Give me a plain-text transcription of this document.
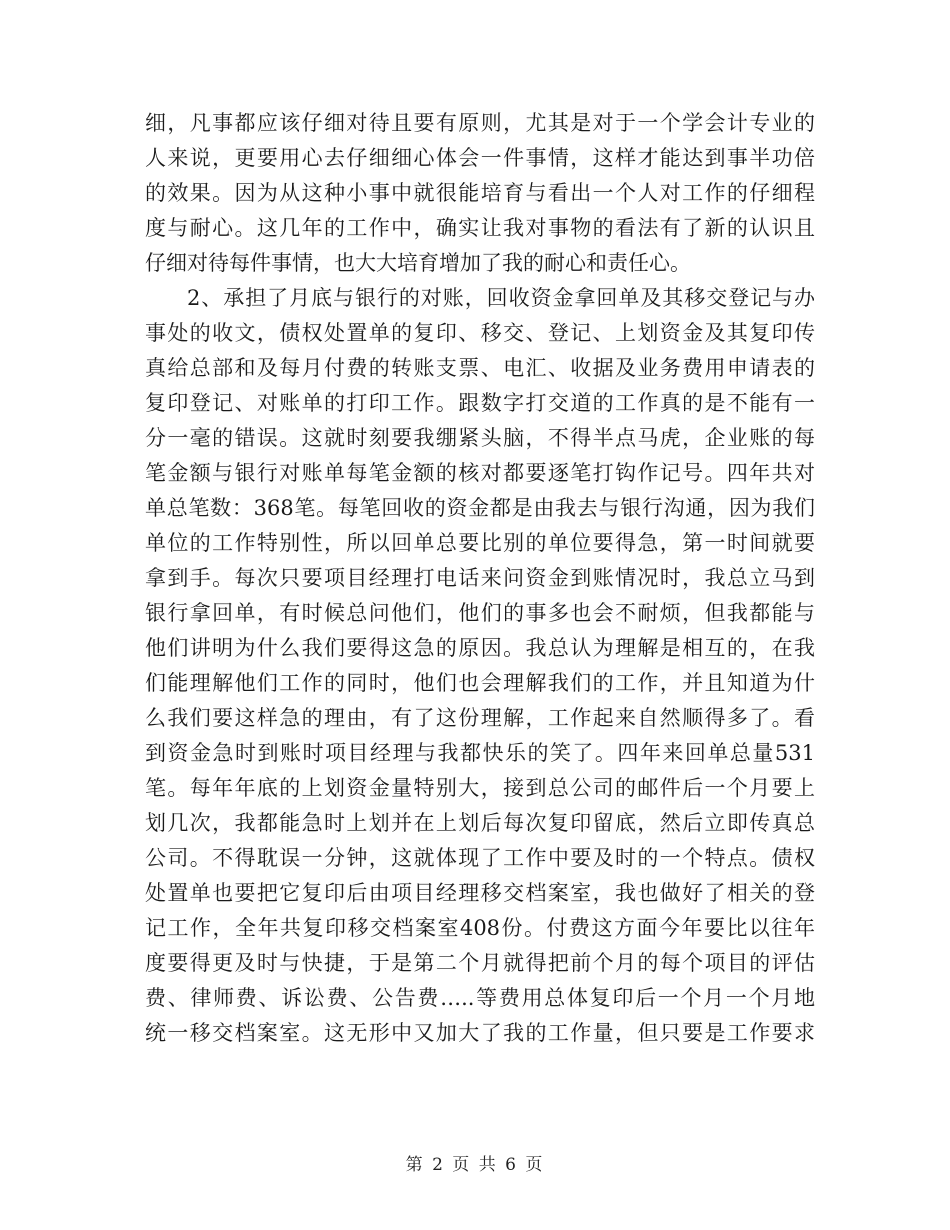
细，凡事都应该仔细对待且要有原则，尤其是对于一个学会计专业的
人来说，更要用心去仔细细心体会一件事情，这样才能达到事半功倍
的效果。因为从这种小事中就很能培育与看出一个人对工作的仔细程
度与耐心。这几年的工作中，确实让我对事物的看法有了新的认识且
仔细对待每件事情，也大大培育增加了我的耐心和责任心。
2、承担了月底与银行的对账，回收资金拿回单及其移交登记与办
事处的收文，债权处置单的复印、移交、登记、上划资金及其复印传
真给总部和及每月付费的转账支票、电汇、收据及业务费用申请表的
复印登记、对账单的打印工作。跟数字打交道的工作真的是不能有一
分一毫的错误。这就时刻要我绷紧头脑，不得半点马虎，企业账的每
笔金额与银行对账单每笔金额的核对都要逐笔打钩作记号。四年共对
单总笔数：368笔。每笔回收的资金都是由我去与银行沟通，因为我们
单位的工作特别性，所以回单总要比别的单位要得急，第一时间就要
拿到手。每次只要项目经理打电话来问资金到账情况时，我总立马到
银行拿回单，有时候总问他们，他们的事多也会不耐烦，但我都能与
他们讲明为什么我们要得这急的原因。我总认为理解是相互的，在我
们能理解他们工作的同时，他们也会理解我们的工作，并且知道为什
么我们要这样急的理由，有了这份理解，工作起来自然顺得多了。看
到资金急时到账时项目经理与我都快乐的笑了。四年来回单总量531
笔。每年年底的上划资金量特别大，接到总公司的邮件后一个月要上
划几次，我都能急时上划并在上划后每次复印留底，然后立即传真总
公司。不得耽误一分钟，这就体现了工作中要及时的一个特点。债权
处置单也要把它复印后由项目经理移交档案室，我也做好了相关的登
记工作，全年共复印移交档案室408份。付费这方面今年要比以往年
度要得更及时与快捷，于是第二个月就得把前个月的每个项目的评估
费、律师费、诉讼费、公告费…..等费用总体复印后一个月一个月地
统一移交档案室。这无形中又加大了我的工作量，但只要是工作要求
第 2 页 共 6 页
